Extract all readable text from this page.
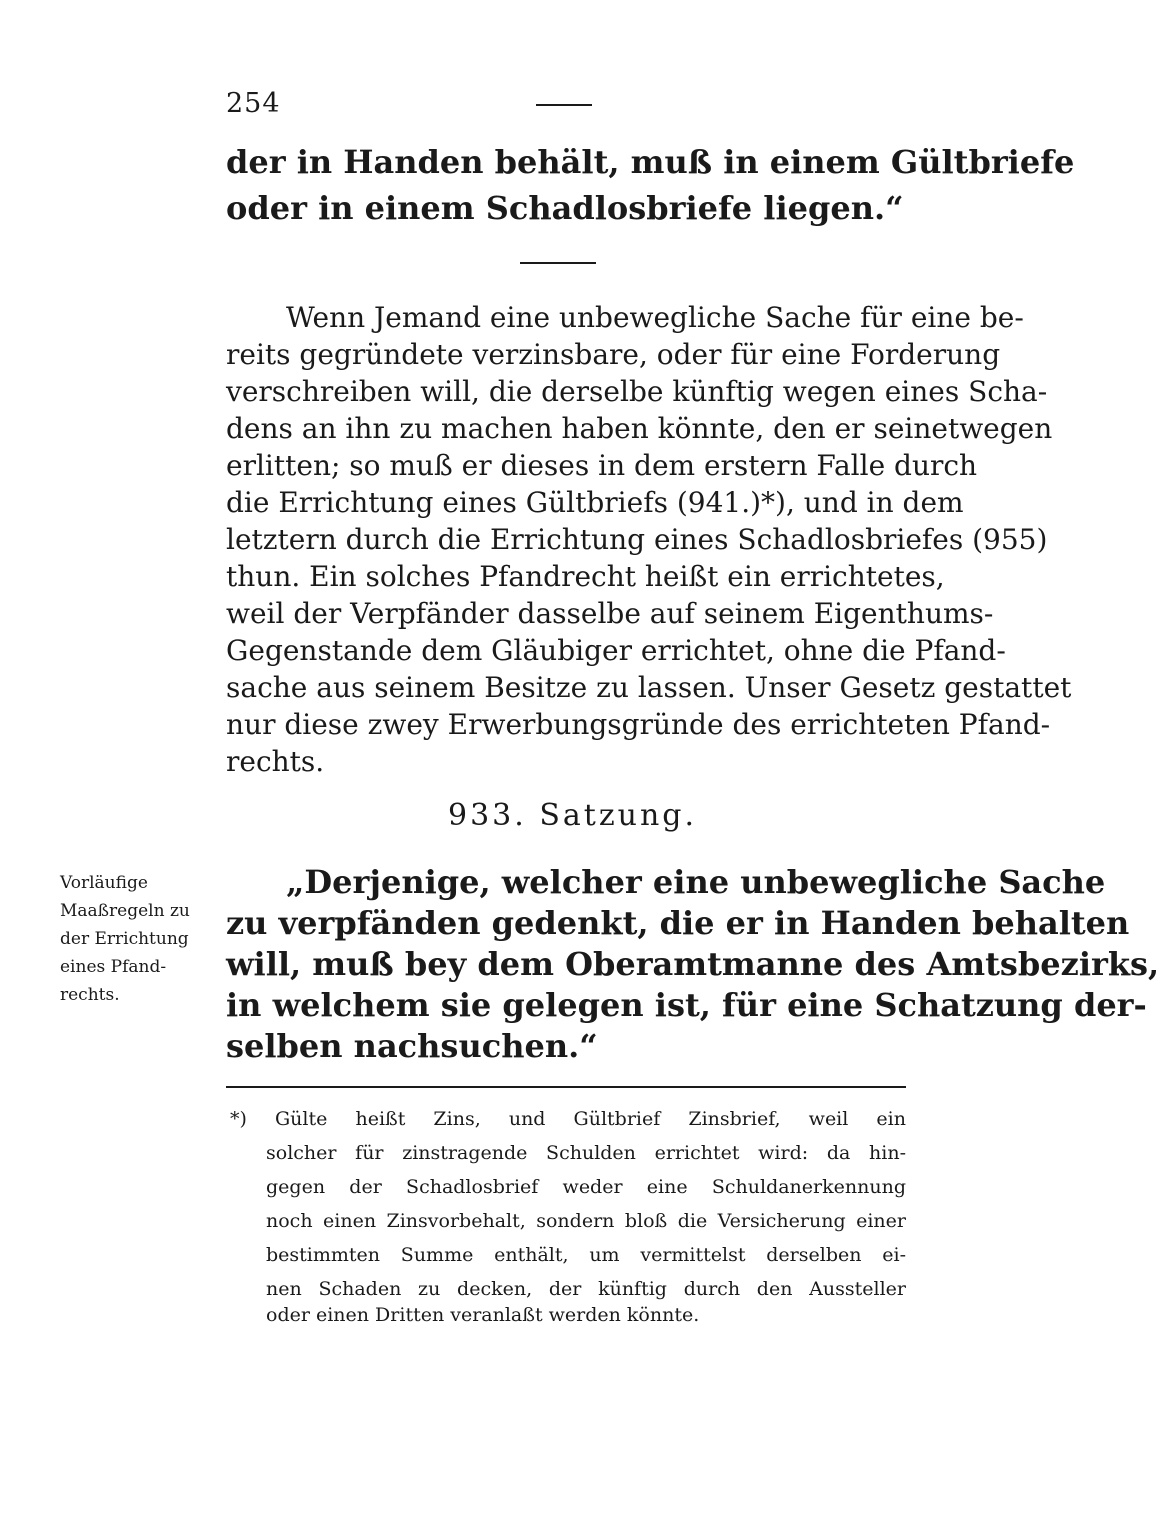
254
der in Handen behält, muß in einem Gültbriefe
oder in einem Schadlosbriefe liegen.“
Wenn Jemand eine unbewegliche Sache für eine be-
reits gegründete verzinsbare, oder für eine Forderung
verschreiben will, die derselbe künftig wegen eines Scha-
dens an ihn zu machen haben könnte, den er seinetwegen
erlitten; so muß er dieses in dem erstern Falle durch
die Errichtung eines Gültbriefs (941.)*), und in dem
letztern durch die Errichtung eines Schadlosbriefes (955)
thun. Ein solches Pfandrecht heißt ein errichtetes,
weil der Verpfänder dasselbe auf seinem Eigenthums-
Gegenstande dem Gläubiger errichtet, ohne die Pfand-
sache aus seinem Besitze zu lassen. Unser Gesetz gestattet
nur diese zwey Erwerbungsgründe des errichteten Pfand-
rechts.
933. Satzung.
Vorläufige
Maaßregeln zu
der Errichtung
eines Pfand-
rechts.
„Derjenige, welcher eine unbewegliche Sache
zu verpfänden gedenkt, die er in Handen behalten
will, muß bey dem Oberamtmanne des Amtsbezirks,
in welchem sie gelegen ist, für eine Schatzung der-
selben nachsuchen.“
*) Gülte heißt Zins, und Gültbrief Zinsbrief, weil ein
solcher für zinstragende Schulden errichtet wird: da hin-
gegen der Schadlosbrief weder eine Schuldanerkennung
noch einen Zinsvorbehalt, sondern bloß die Versicherung einer
bestimmten Summe enthält, um vermittelst derselben ei-
nen Schaden zu decken, der künftig durch den Aussteller
oder einen Dritten veranlaßt werden könnte.
